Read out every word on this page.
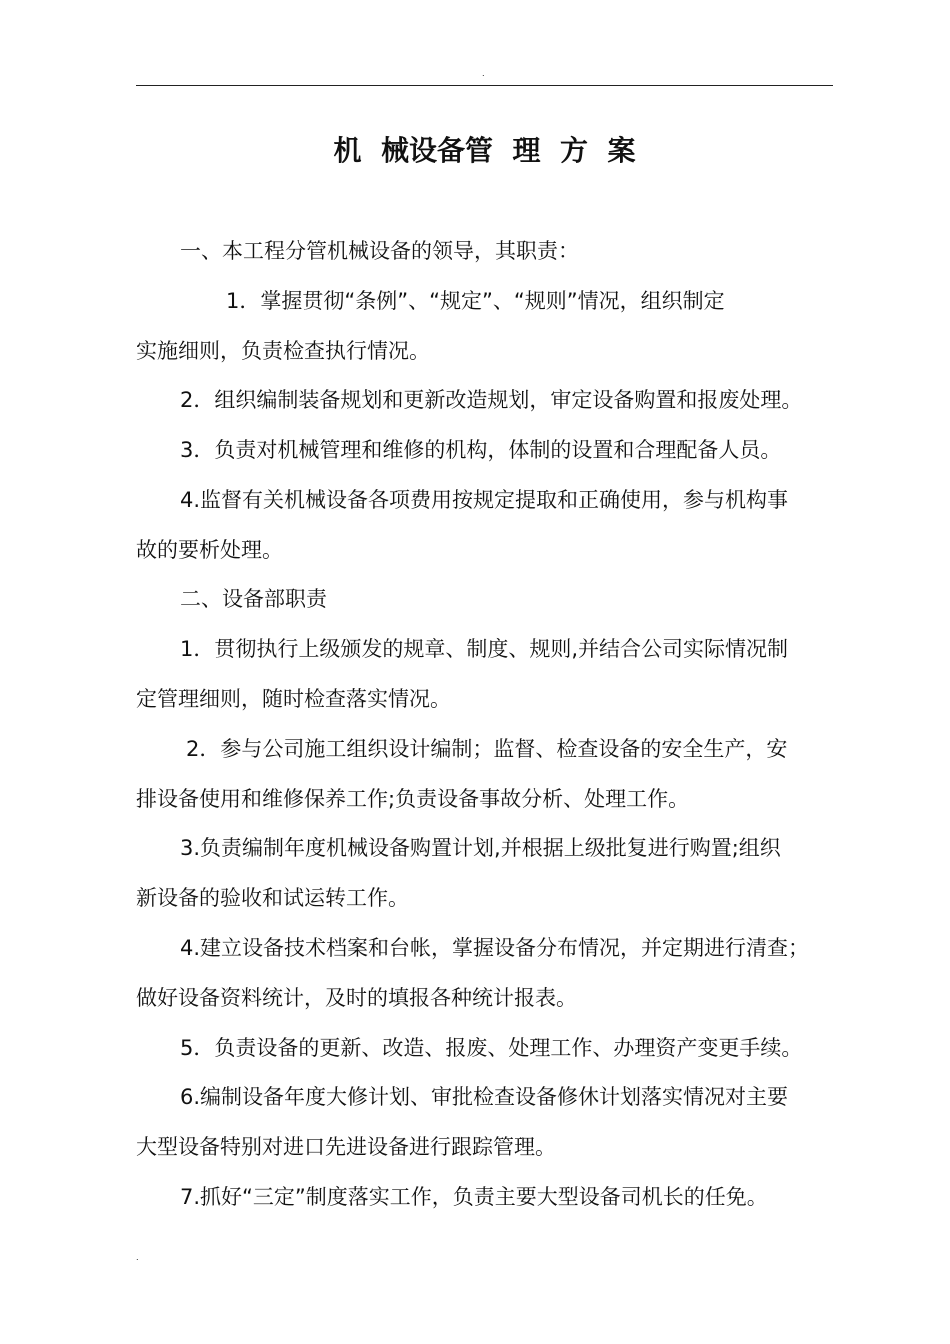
.
机  械设备管  理  方  案
一、本工程分管机械设备的领导，其职责：
1．掌握贯彻“条例”、“规定”、“规则”情况，组织制定
实施细则，负责检查执行情况。
2．组织编制装备规划和更新改造规划，审定设备购置和报废处理。
3．负责对机械管理和维修的机构，体制的设置和合理配备人员。
4.监督有关机械设备各项费用按规定提取和正确使用，参与机构事
故的要析处理。
二、设备部职责
1．贯彻执行上级颁发的规章、制度、规则,并结合公司实际情况制
定管理细则，随时检查落实情况。
2．参与公司施工组织设计编制；监督、检查设备的安全生产，安
排设备使用和维修保养工作;负责设备事故分析、处理工作。
3.负责编制年度机械设备购置计划,并根据上级批复进行购置;组织
新设备的验收和试运转工作。
4.建立设备技术档案和台帐，掌握设备分布情况，并定期进行清查；
做好设备资料统计，及时的填报各种统计报表。
5．负责设备的更新、改造、报废、处理工作、办理资产变更手续。
6.编制设备年度大修计划、审批检查设备修休计划落实情况对主要
大型设备特别对进口先进设备进行跟踪管理。
7.抓好“三定”制度落实工作，负责主要大型设备司机长的任免。
.
